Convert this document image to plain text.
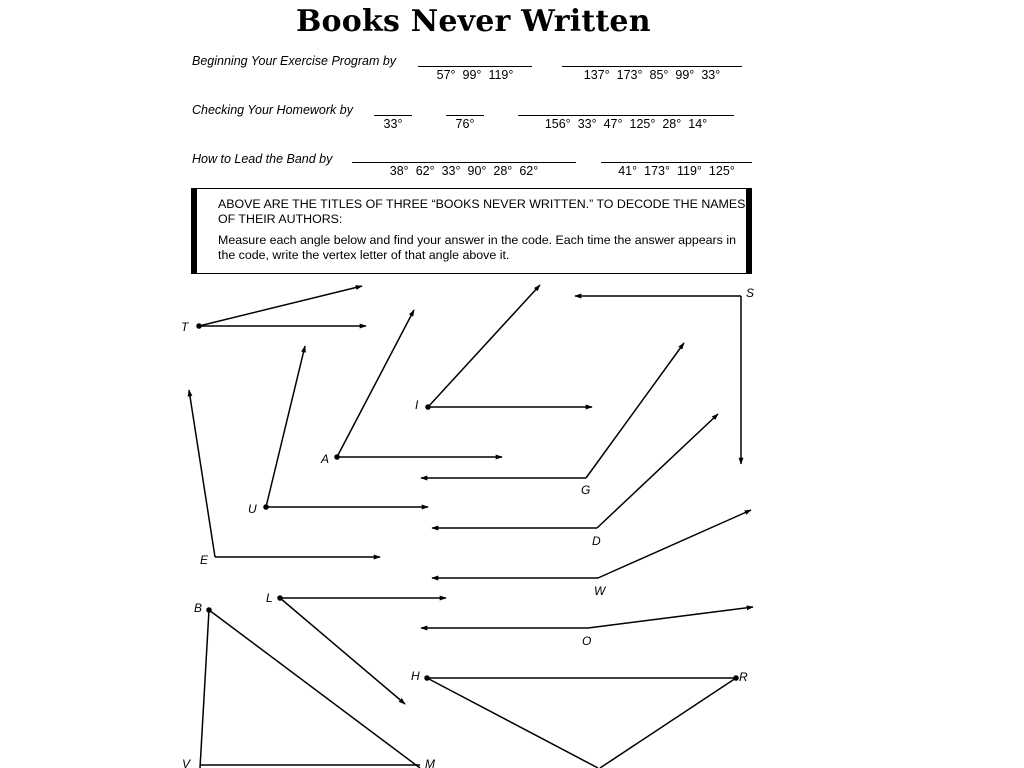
Books Never Written
Beginning Your Exercise Program by
57° 99° 119°	137° 173° 85° 99° 33°
Checking Your Homework by
33°	76°	156° 33° 47° 125° 28° 14°
How to Lead the Band by
38° 62° 33° 90° 28° 62°	41° 173° 119° 125°

ABOVE ARE THE TITLES OF THREE “BOOKS NEVER WRITTEN.” TO DECODE THE NAMES OF THEIR AUTHORS:

Measure each angle below and find your answer in the code. Each time the answer appears in the code, write the vertex letter of that angle above it.

T
S
I
A
G
U
D
E
W
L
O
B
V	M
H	R
